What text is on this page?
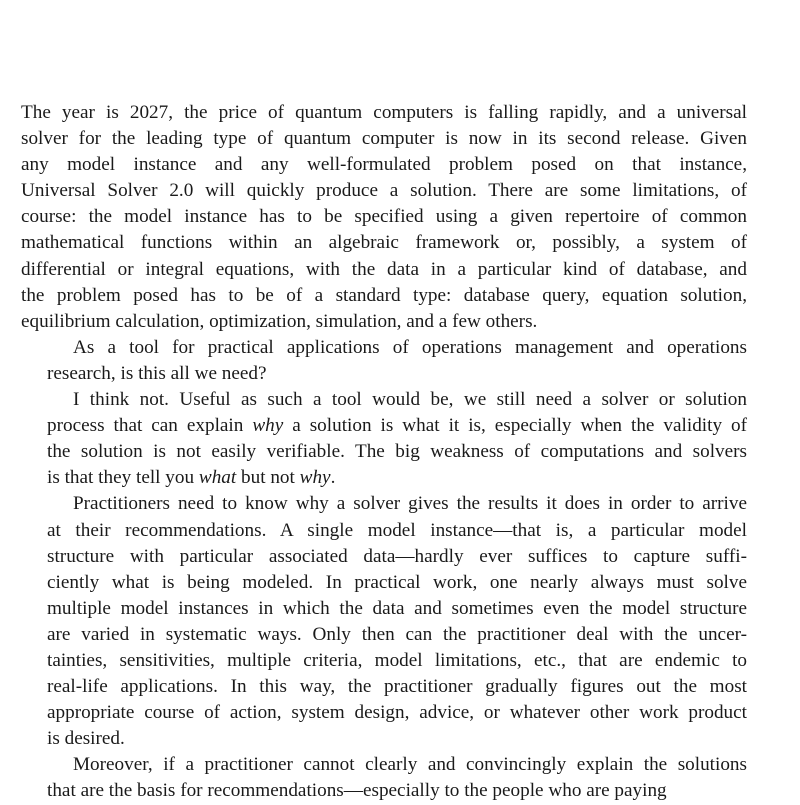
The year is 2027, the price of quantum computers is falling rapidly, and a universal
solver for the leading type of quantum computer is now in its second release. Given
any model instance and any well-formulated problem posed on that instance,
Universal Solver 2.0 will quickly produce a solution. There are some limitations, of
course: the model instance has to be specified using a given repertoire of common
mathematical functions within an algebraic framework or, possibly, a system of
differential or integral equations, with the data in a particular kind of database, and
the problem posed has to be of a standard type: database query, equation solution,
equilibrium calculation, optimization, simulation, and a few others.
As a tool for practical applications of operations management and operations
research, is this all we need?
I think not. Useful as such a tool would be, we still need a solver or solution
process that can explain why a solution is what it is, especially when the validity of
the solution is not easily verifiable. The big weakness of computations and solvers
is that they tell you what but not why.
Practitioners need to know why a solver gives the results it does in order to arrive
at their recommendations. A single model instance—that is, a particular model
structure with particular associated data—hardly ever suffices to capture suffi-
ciently what is being modeled. In practical work, one nearly always must solve
multiple model instances in which the data and sometimes even the model structure
are varied in systematic ways. Only then can the practitioner deal with the uncer-
tainties, sensitivities, multiple criteria, model limitations, etc., that are endemic to
real-life applications. In this way, the practitioner gradually figures out the most
appropriate course of action, system design, advice, or whatever other work product
is desired.
Moreover, if a practitioner cannot clearly and convincingly explain the solutions
that are the basis for recommendations—especially to the people who are paying
